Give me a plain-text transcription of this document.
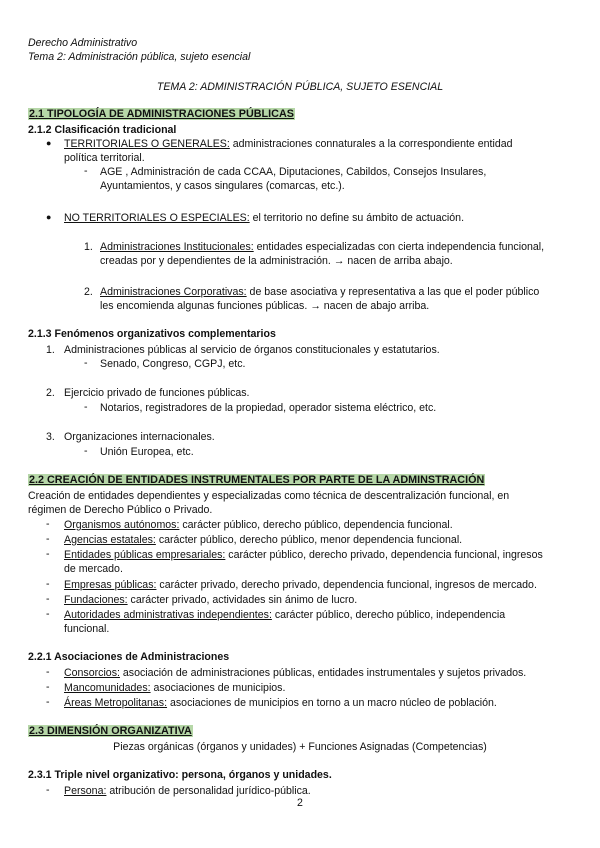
Derecho Administrativo
Tema 2: Administración pública, sujeto esencial
TEMA 2: ADMINISTRACIÓN PÚBLICA, SUJETO ESENCIAL
2.1 TIPOLOGÍA DE ADMINISTRACIONES PÚBLICAS
2.1.2 Clasificación tradicional
● TERRITORIALES O GENERALES: administraciones connaturales a la correspondiente entidad
política territorial.
- AGE , Administración de cada CCAA, Diputaciones, Cabildos, Consejos Insulares,
Ayuntamientos, y casos singulares (comarcas, etc.).
● NO TERRITORIALES O ESPECIALES: el territorio no define su ámbito de actuación.
1. Administraciones Institucionales: entidades especializadas con cierta independencia funcional,
creadas por y dependientes de la administración. → nacen de arriba abajo.
2. Administraciones Corporativas: de base asociativa y representativa a las que el poder público
les encomienda algunas funciones públicas. → nacen de abajo arriba.
2.1.3 Fenómenos organizativos complementarios
1. Administraciones públicas al servicio de órganos constitucionales y estatutarios.
- Senado, Congreso, CGPJ, etc.
2. Ejercicio privado de funciones públicas.
- Notarios, registradores de la propiedad, operador sistema eléctrico, etc.
3. Organizaciones internacionales.
- Unión Europea, etc.
2.2 CREACIÓN DE ENTIDADES INSTRUMENTALES POR PARTE DE LA ADMINSTRACIÓN
Creación de entidades dependientes y especializadas como técnica de descentralización funcional, en
régimen de Derecho Público o Privado.
- Organismos autónomos: carácter público, derecho público, dependencia funcional.
- Agencias estatales: carácter público, derecho público, menor dependencia funcional.
- Entidades públicas empresariales: carácter público, derecho privado, dependencia funcional, ingresos
de mercado.
- Empresas públicas: carácter privado, derecho privado, dependencia funcional, ingresos de mercado.
- Fundaciones: carácter privado, actividades sin ánimo de lucro.
- Autoridades administrativas independientes: carácter público, derecho público, independencia
funcional.
2.2.1 Asociaciones de Administraciones
- Consorcios: asociación de administraciones públicas, entidades instrumentales y sujetos privados.
- Mancomunidades: asociaciones de municipios.
- Áreas Metropolitanas: asociaciones de municipios en torno a un macro núcleo de población.
2.3 DIMENSIÓN ORGANIZATIVA
Piezas orgánicas (órganos y unidades) + Funciones Asignadas (Competencias)
2.3.1 Triple nivel organizativo: persona, órganos y unidades.
- Persona: atribución de personalidad jurídico-pública.
2
